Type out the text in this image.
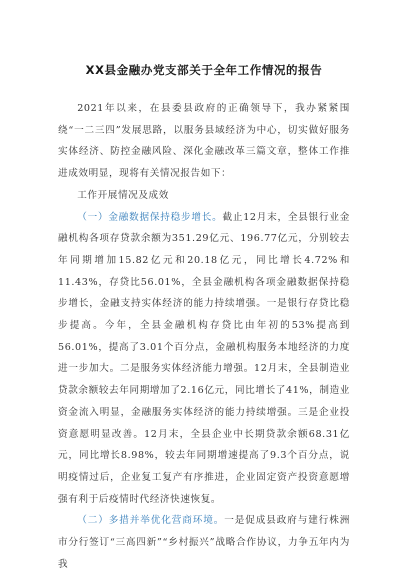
XX县金融办党支部关于全年工作情况的报告

2021年以来，在县委县政府的正确领导下，我办紧紧围绕“一二三四”发展思路，以服务县域经济为中心，切实做好服务实体经济、防控金融风险、深化金融改革三篇文章，整体工作推进成效明显，现将有关情况报告如下：

工作开展情况及成效

（一）金融数据保持稳步增长。截止12月末，全县银行业金融机构各项存贷款余额为351.29亿元、196.77亿元，分别较去年同期增加15.82亿元和20.18亿元，同比增长4.72%和11.43%，存贷比56.01%，全县金融机构各项金融数据保持稳步增长，金融支持实体经济的能力持续增强。一是银行存贷比稳步提高。今年，全县金融机构存贷比由年初的53%提高到56.01%，提高了3.01个百分点，金融机构服务本地经济的力度进一步加大。二是服务实体经济能力增强。12月末，全县制造业贷款余额较去年同期增加了2.16亿元，同比增长了41%，制造业资金流入明显，金融服务实体经济的能力持续增强。三是企业投资意愿明显改善。12月末，全县企业中长期贷款余额68.31亿元，同比增长8.98%，较去年同期增速提高了9.3个百分点，说明疫情过后，企业复工复产有序推进，企业固定资产投资意愿增强有利于后疫情时代经济快速恢复。

（二）多措并举优化营商环境。一是促成县政府与建行株洲市分行签订“三高四新”“乡村振兴”战略合作协议，力争五年内为我
